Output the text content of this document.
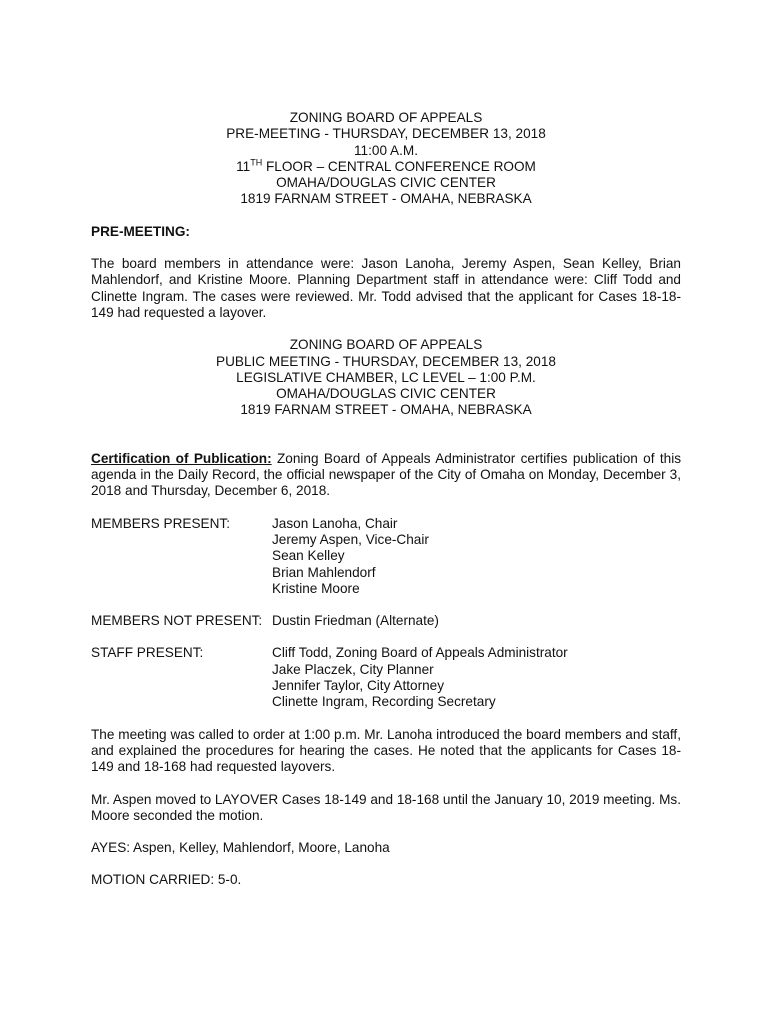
ZONING BOARD OF APPEALS
PRE-MEETING - THURSDAY, DECEMBER 13, 2018
11:00 A.M.
11TH FLOOR – CENTRAL CONFERENCE ROOM
OMAHA/DOUGLAS CIVIC CENTER
1819 FARNAM STREET - OMAHA, NEBRASKA

PRE-MEETING:

The board members in attendance were: Jason Lanoha, Jeremy Aspen, Sean Kelley, Brian Mahlendorf, and Kristine Moore. Planning Department staff in attendance were: Cliff Todd and Clinette Ingram. The cases were reviewed. Mr. Todd advised that the applicant for Cases 18-18-149 had requested a layover.

ZONING BOARD OF APPEALS
PUBLIC MEETING - THURSDAY, DECEMBER 13, 2018
LEGISLATIVE CHAMBER, LC LEVEL – 1:00 P.M.
OMAHA/DOUGLAS CIVIC CENTER
1819 FARNAM STREET - OMAHA, NEBRASKA

Certification of Publication: Zoning Board of Appeals Administrator certifies publication of this agenda in the Daily Record, the official newspaper of the City of Omaha on Monday, December 3, 2018 and Thursday, December 6, 2018.

MEMBERS PRESENT:	Jason Lanoha, Chair
Jeremy Aspen, Vice-Chair
Sean Kelley
Brian Mahlendorf
Kristine Moore
MEMBERS NOT PRESENT: Dustin Friedman (Alternate)
STAFF PRESENT:	Cliff Todd, Zoning Board of Appeals Administrator
Jake Placzek, City Planner
Jennifer Taylor, City Attorney
Clinette Ingram, Recording Secretary

The meeting was called to order at 1:00 p.m. Mr. Lanoha introduced the board members and staff, and explained the procedures for hearing the cases. He noted that the applicants for Cases 18-149 and 18-168 had requested layovers.

Mr. Aspen moved to LAYOVER Cases 18-149 and 18-168 until the January 10, 2019 meeting. Ms. Moore seconded the motion.

AYES: Aspen, Kelley, Mahlendorf, Moore, Lanoha

MOTION CARRIED: 5-0.
